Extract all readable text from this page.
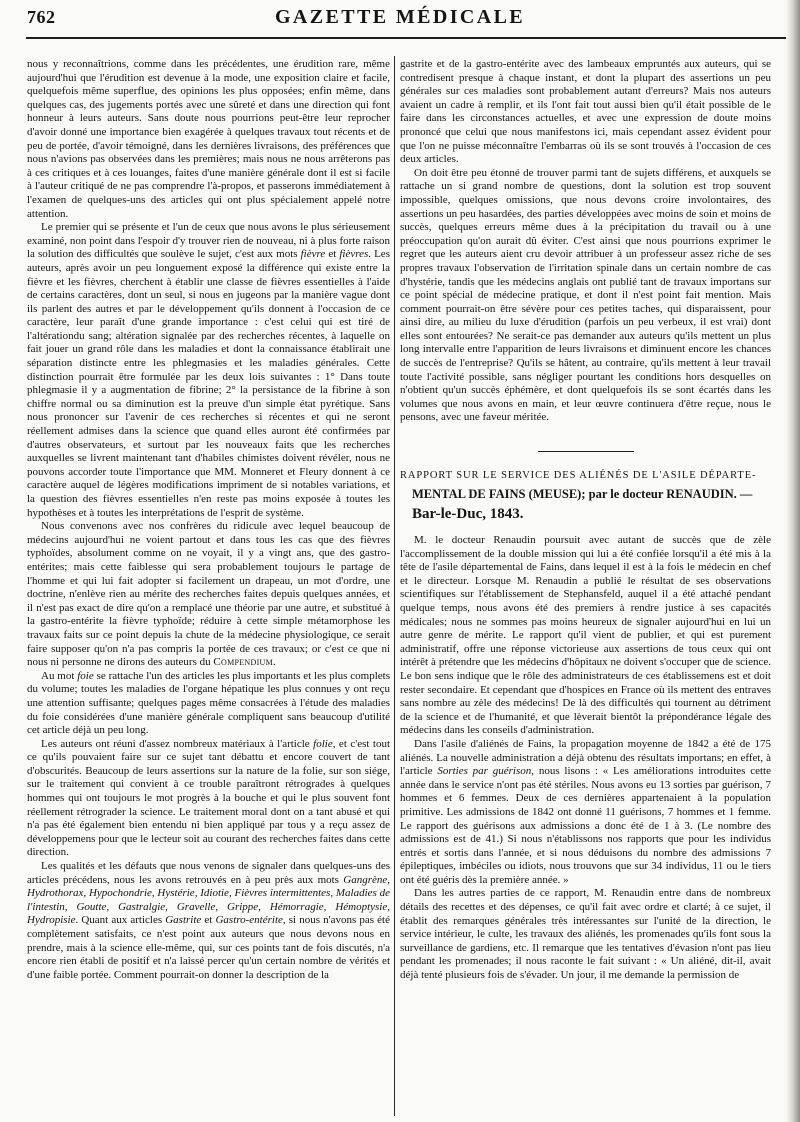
762	GAZETTE MÉDICALE

nous y reconnaîtrions, comme dans les précédentes, une érudition rare, même aujourd'hui que l'érudition est devenue à la mode, une exposition claire et facile, quelquefois même superflue, des opinions les plus opposées; enfin même, dans quelques cas, des jugements portés avec une sûreté et dans une direction qui font honneur à leurs auteurs. Sans doute nous pourrions peut-être leur reprocher d'avoir donné une importance bien exagérée à quelques travaux tout récents et de peu de portée, d'avoir témoigné, dans les dernières livraisons, des préférences que nous n'avions pas observées dans les premières; mais nous ne nous arrêterons pas à ces critiques et à ces louanges, faites d'une manière générale dont il est si facile à l'auteur critiqué de ne pas comprendre l'à-propos, et passerons immédiatement à l'examen de quelques-uns des articles qui ont plus spécialement appelé notre attention.

Le premier qui se présente et l'un de ceux que nous avons le plus sérieusement examiné, non point dans l'espoir d'y trouver rien de nouveau, ni à plus forte raison la solution des difficultés que soulève le sujet, c'est aux mots fièvre et fièvres. Les auteurs, après avoir un peu longuement exposé la différence qui existe entre la fièvre et les fièvres, cherchent à établir une classe de fièvres essentielles à l'aide de certains caractères, dont un seul, si nous en jugeons par la manière vague dont ils parlent des autres et par le développement qu'ils donnent à l'occasion de ce caractère, leur paraît d'une grande importance : c'est celui qui est tiré de l'altérationdu sang; altération signalée par des recherches récentes, à laquelle on fait jouer un grand rôle dans les maladies et dont la connaissance établirait une séparation distincte entre les phlegmasies et les maladies générales. Cette distinction pourrait être formulée par les deux lois suivantes : 1° Dans toute phlegmasie il y a augmentation de fibrine; 2° la persistance de la fibrine à son chiffre normal ou sa diminution est la preuve d'un simple état pyrétique. Sans nous prononcer sur l'avenir de ces recherches si récentes et qui ne seront réellement admises dans la science que quand elles auront été confirmées par d'autres observateurs, et surtout par les nouveaux faits que les recherches auxquelles se livrent maintenant tant d'habiles chimistes doivent révéler, nous ne pouvons accorder toute l'importance que MM. Monneret et Fleury donnent à ce caractère auquel de légères modifications impriment de si notables variations, et la question des fièvres essentielles n'en reste pas moins exposée à toutes les hypothèses et à toutes les interprétations de l'esprit de système.

Nous convenons avec nos confrères du ridicule avec lequel beaucoup de médecins aujourd'hui ne voient partout et dans tous les cas que des fièvres typhoïdes, absolument comme on ne voyait, il y a vingt ans, que des gastro-entérites; mais cette faiblesse qui sera probablement toujours le partage de l'homme et qui lui fait adopter si facilement un drapeau, un mot d'ordre, une doctrine, n'enlève rien au mérite des recherches faites depuis quelques années, et il n'est pas exact de dire qu'on a remplacé une théorie par une autre, et substitué à la gastro-entérite la fièvre typhoïde; réduire à cette simple métamorphose les travaux faits sur ce point depuis la chute de la médecine physiologique, ce serait faire supposer qu'on n'a pas compris la portée de ces travaux; or c'est ce que ni nous ni personne ne dirons des auteurs du Compendium.

Au mot foie se rattache l'un des articles les plus importants et les plus complets du volume; toutes les maladies de l'organe hépatique les plus connues y ont reçu une attention suffisante; quelques pages même consacrées à l'étude des maladies du foie considérées d'une manière générale compliquent sans beaucoup d'utilité cet article déjà un peu long.

Les auteurs ont réuni d'assez nombreux matériaux à l'article folie, et c'est tout ce qu'ils pouvaient faire sur ce sujet tant débattu et encore couvert de tant d'obscurités. Beaucoup de leurs assertions sur la nature de la folie, sur son siége, sur le traitement qui convient à ce trouble paraîtront rétrogrades à quelques hommes qui ont toujours le mot progrès à la bouche et qui le plus souvent font réellement rétrograder la science. Le traitement moral dont on a tant abusé et qui n'a pas été également bien entendu ni bien appliqué par tous y a reçu assez de développemens pour que le lecteur soit au courant des recherches faites dans cette direction.

Les qualités et les défauts que nous venons de signaler dans quelques-uns des articles précédens, nous les avons retrouvés en à peu près aux mots Gangrène, Hydrothorax, Hypochondrie, Hystérie, Idiotie, Fièvres intermittentes, Maladies de l'intestin, Goutte, Gastralgie, Gravelle, Grippe, Hémorragie, Hémoptysie, Hydropisie. Quant aux articles Gastrite et Gastro-entérite, si nous n'avons pas été complètement satisfaits, ce n'est point aux auteurs que nous devons nous en prendre, mais à la science elle-même, qui, sur ces points tant de fois discutés, n'a encore rien établi de positif et n'a laissé percer qu'un certain nombre de vérités et d'une faible portée. Comment pourrait-on donner la description de la

gastrite et de la gastro-entérite avec des lambeaux empruntés aux auteurs, qui se contredisent presque à chaque instant, et dont la plupart des assertions un peu générales sur ces maladies sont probablement autant d'erreurs? Mais nos auteurs avaient un cadre à remplir, et ils l'ont fait tout aussi bien qu'il était possible de le faire dans les circonstances actuelles, et avec une expression de doute moins prononcé que celui que nous manifestons ici, mais cependant assez évident pour que l'on ne puisse méconnaître l'embarras où ils se sont trouvés à l'occasion de ces deux articles.

On doit être peu étonné de trouver parmi tant de sujets différens, et auxquels se rattache un si grand nombre de questions, dont la solution est trop souvent impossible, quelques omissions, que nous devons croire involontaires, des assertions un peu hasardées, des parties développées avec moins de soin et moins de succès, quelques erreurs même dues à la précipitation du travail ou à une préoccupation qu'on aurait dû éviter. C'est ainsi que nous pourrions exprimer le regret que les auteurs aient cru devoir attribuer à un professeur assez riche de ses propres travaux l'observation de l'irritation spinale dans un certain nombre de cas d'hystérie, tandis que les médecins anglais ont publié tant de travaux importans sur ce point spécial de médecine pratique, et dont il n'est point fait mention. Mais comment pourrait-on être sévère pour ces petites taches, qui disparaissent, pour ainsi dire, au milieu du luxe d'érudition (parfois un peu verbeux, il est vrai) dont elles sont entourées? Ne serait-ce pas demander aux auteurs qu'ils mettent un plus long intervalle entre l'apparition de leurs livraisons et diminuent encore les chances de succès de l'entreprise? Qu'ils se hâtent, au contraire, qu'ils mettent à leur travail toute l'activité possible, sans négliger pourtant les conditions hors desquelles on n'obtient qu'un succès éphémère, et dont quelquefois ils se sont écartés dans les volumes que nous avons en main, et leur œuvre continuera d'être reçue, nous le pensons, avec une faveur méritée.

RAPPORT SUR LE SERVICE DES ALIÉNÉS DE L'ASILE DÉPARTE-
MENTAL DE FAINS (MEUSE); par le docteur RENAUDIN. —
Bar-le-Duc, 1843.

M. le docteur Renaudin poursuit avec autant de succès que de zèle l'accomplissement de la double mission qui lui a été confiée lorsqu'il a été mis à la tête de l'asile départemental de Fains, dans lequel il est à la fois le médecin en chef et le directeur. Lorsque M. Renaudin a publié le résultat de ses observations scientifiques sur l'établissement de Stephansfeld, auquel il a été attaché pendant quelque temps, nous avons été des premiers à rendre justice à ses capacités médicales; nous ne sommes pas moins heureux de signaler aujourd'hui en lui un autre genre de mérite. Le rapport qu'il vient de publier, et qui est purement administratif, offre une réponse victorieuse aux assertions de tous ceux qui ont intérêt à prétendre que les médecins d'hôpitaux ne doivent s'occuper que de science. Le bon sens indique que le rôle des administrateurs de ces établissemens est et doit rester secondaire. Et cependant que d'hospices en France où ils mettent des entraves sans nombre au zèle des médecins! De là des difficultés qui tournent au détriment de la science et de l'humanité, et que lèverait bientôt la prépondérance légale des médecins dans les conseils d'administration.

Dans l'asile d'aliénés de Fains, la propagation moyenne de 1842 a été de 175 aliénés. La nouvelle administration a déjà obtenu des résultats importans; en effet, à l'article Sorties par guérison, nous lisons : « Les améliorations introduites cette année dans le service n'ont pas été stériles. Nous avons eu 13 sorties par guérison, 7 hommes et 6 femmes. Deux de ces dernières appartenaient à la population primitive. Les admissions de 1842 ont donné 11 guérisons, 7 hommes et 1 femme. Le rapport des guérisons aux admissions a donc été de 1 à 3. (Le nombre des admissions est de 41.) Si nous n'établissons nos rapports que pour les individus entrés et sortis dans l'année, et si nous déduisons du nombre des admissions 7 épileptiques, imbéciles ou idiots, nous trouvons que sur 34 individus, 11 ou le tiers ont été guéris dès la première année. »

Dans les autres parties de ce rapport, M. Renaudin entre dans de nombreux détails des recettes et des dépenses, ce qu'il fait avec ordre et clarté; à ce sujet, il établit des remarques générales très intéressantes sur l'unité de la direction, le service intérieur, le culte, les travaux des aliénés, les promenades qu'ils font sous la surveillance de gardiens, etc. Il remarque que les tentatives d'évasion n'ont pas lieu pendant les promenades; il nous raconte le fait suivant : « Un aliéné, dit-il, avait déjà tenté plusieurs fois de s'évader. Un jour, il me demande la permission de
